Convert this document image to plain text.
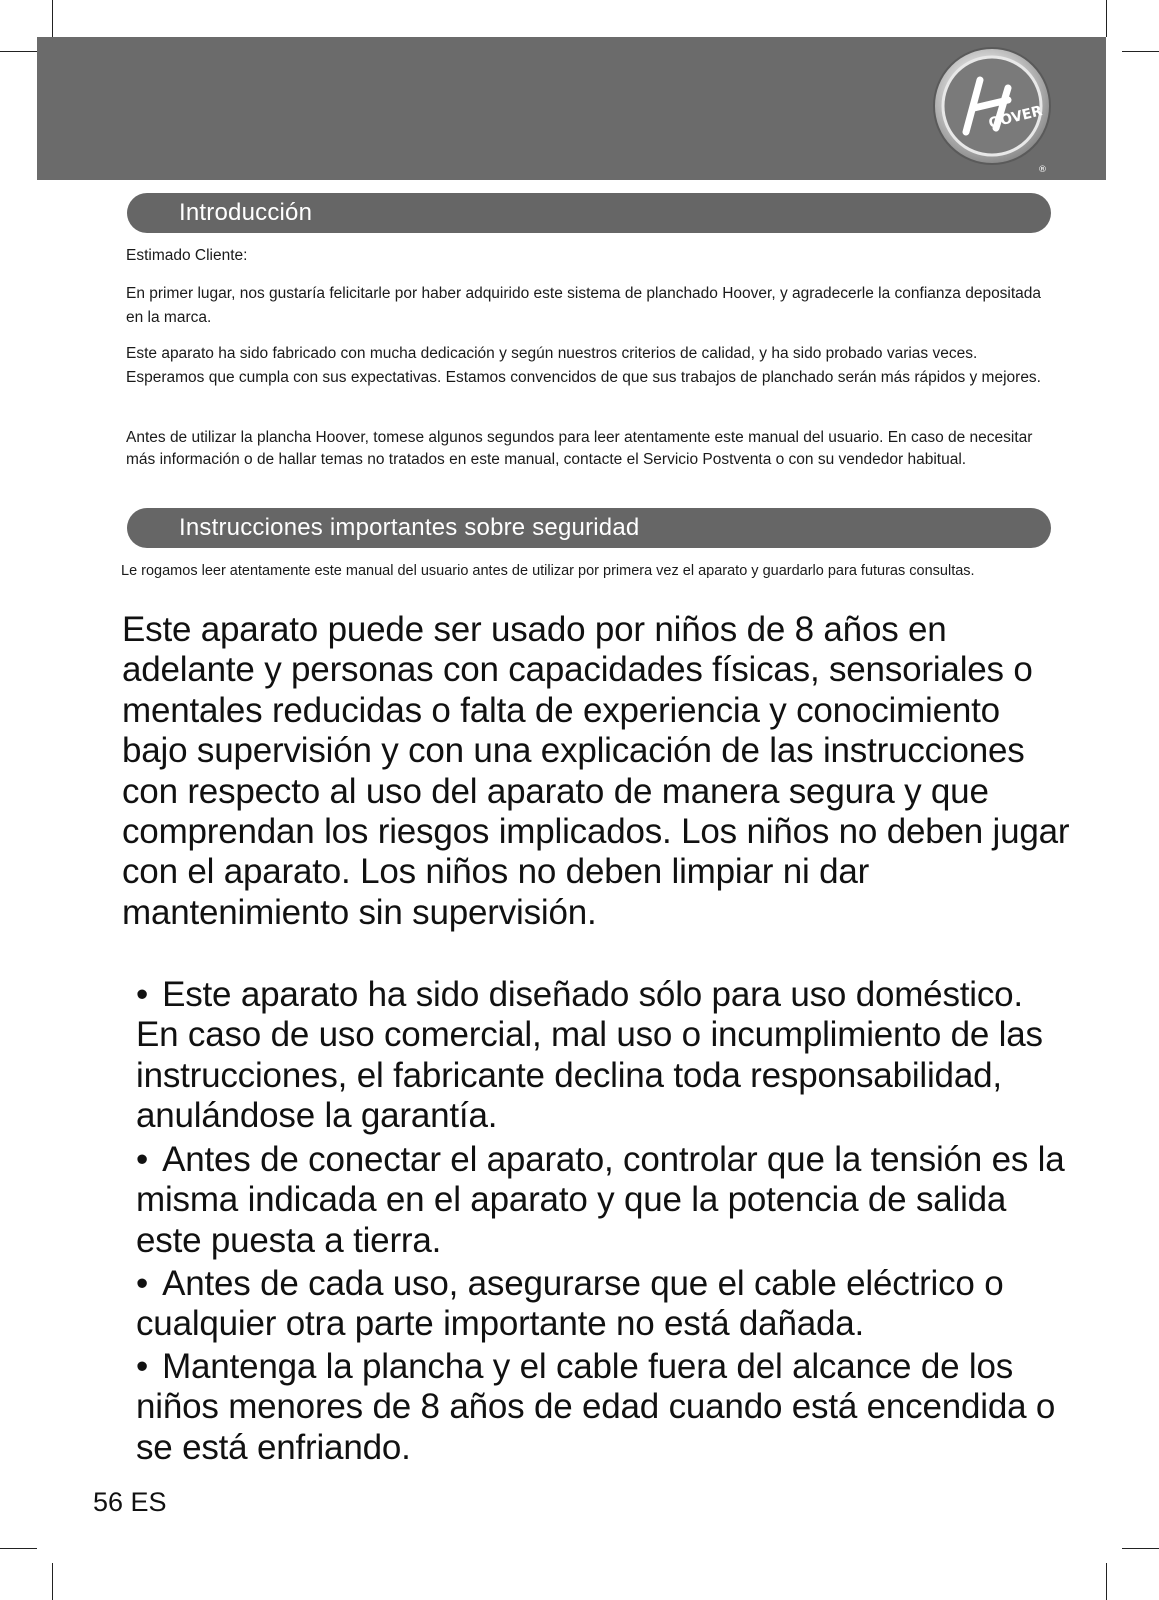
OOVER
®
Introducción

Estimado Cliente:

En primer lugar, nos gustaría felicitarle por haber adquirido este sistema de planchado Hoover, y agradecerle la confianza depositada en la marca.

Este aparato ha sido fabricado con mucha dedicación y según nuestros criterios de calidad, y ha sido probado varias veces. Esperamos que cumpla con sus expectativas. Estamos convencidos de que sus trabajos de planchado serán más rápidos y mejores.

Antes de utilizar la plancha Hoover, tomese algunos segundos para leer atentamente este manual del usuario. En caso de necesitar más información o de hallar temas no tratados en este manual, contacte el Servicio Postventa o con su vendedor habitual.

Instrucciones importantes sobre seguridad

Le rogamos leer atentamente este manual del usuario antes de utilizar por primera vez el aparato y guardarlo para futuras consultas.

Este aparato puede ser usado por niños de 8 años en adelante y personas con capacidades físicas, sensoriales o mentales reducidas o falta de experiencia y conocimiento bajo supervisión y con una explicación de las instrucciones con respecto al uso del aparato de manera segura y que comprendan los riesgos implicados. Los niños no deben jugar con el aparato. Los niños no deben limpiar ni dar mantenimiento sin supervisión.

• Este aparato ha sido diseñado sólo para uso doméstico. En caso de uso comercial, mal uso o incumplimiento de las instrucciones, el fabricante declina toda responsabilidad, anulándose la garantía.

• Antes de conectar el aparato, controlar que la tensión es la misma indicada en el aparato y que la potencia de salida este puesta a tierra.

• Antes de cada uso, asegurarse que el cable eléctrico o cualquier otra parte importante no está dañada.

• Mantenga la plancha y el cable fuera del alcance de los niños menores de 8 años de edad cuando está encendida o se está enfriando.

56 ES
